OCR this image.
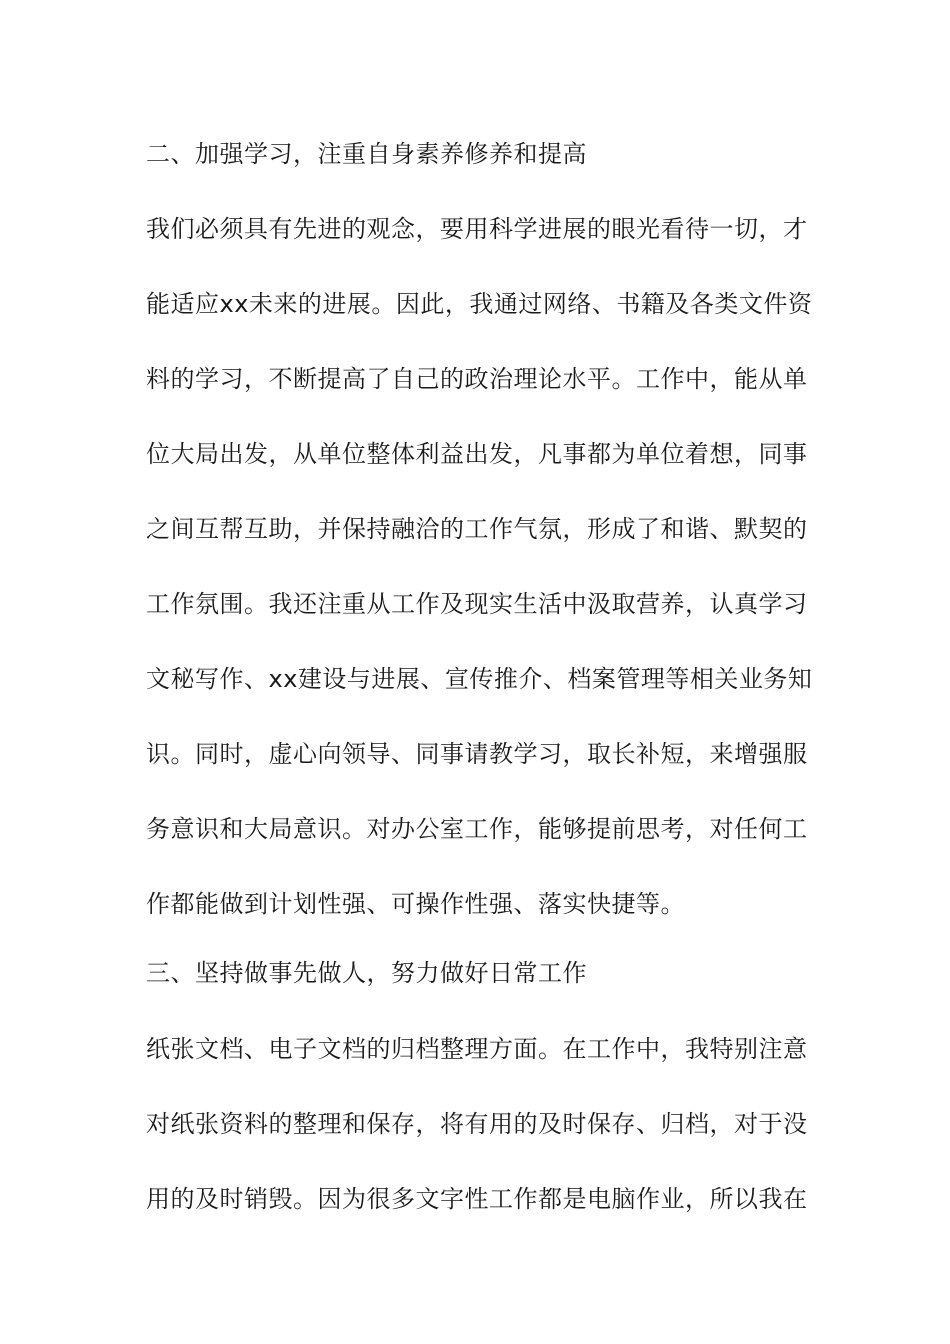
二、加强学习，注重自身素养修养和提高
我们必须具有先进的观念，要用科学进展的眼光看待一切，才
能适应xx未来的进展。因此，我通过网络、书籍及各类文件资
料的学习，不断提高了自己的政治理论水平。工作中，能从单
位大局出发，从单位整体利益出发，凡事都为单位着想，同事
之间互帮互助，并保持融洽的工作气氛，形成了和谐、默契的
工作氛围。我还注重从工作及现实生活中汲取营养，认真学习
文秘写作、xx建设与进展、宣传推介、档案管理等相关业务知
识。同时，虚心向领导、同事请教学习，取长补短，来增强服
务意识和大局意识。对办公室工作，能够提前思考，对任何工
作都能做到计划性强、可操作性强、落实快捷等。
三、坚持做事先做人，努力做好日常工作
纸张文档、电子文档的归档整理方面。在工作中，我特别注意
对纸张资料的整理和保存，将有用的及时保存、归档，对于没
用的及时销毁。因为很多文字性工作都是电脑作业，所以我在
